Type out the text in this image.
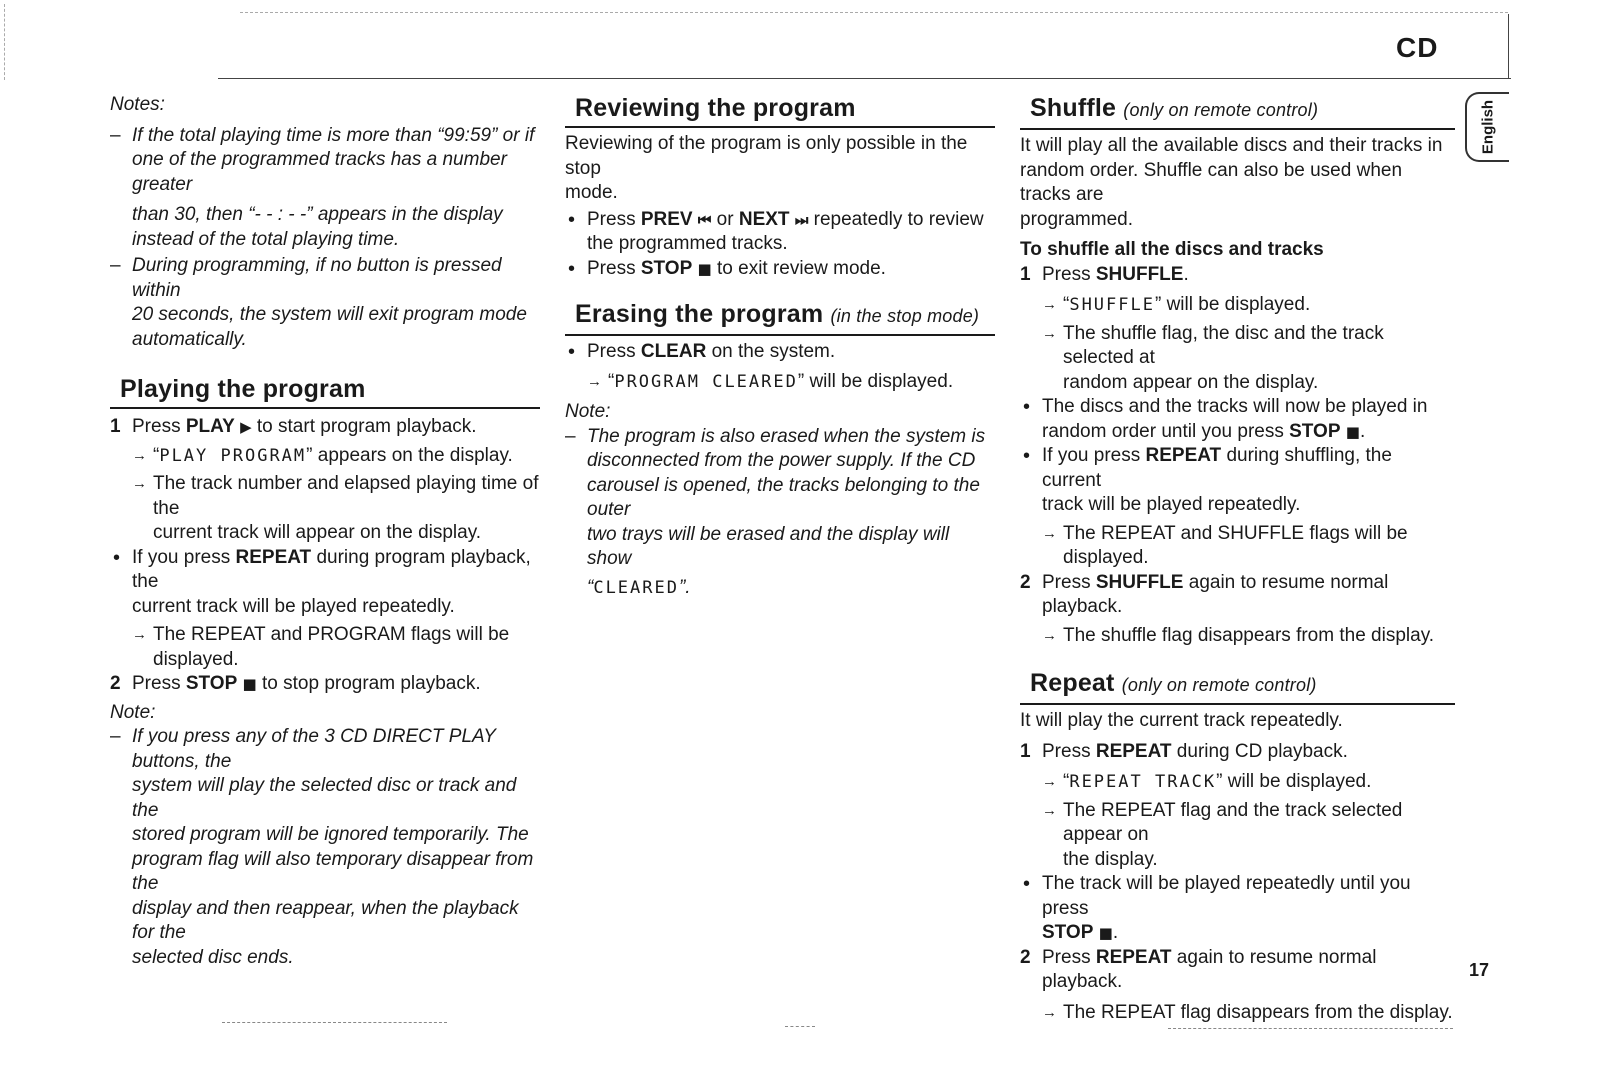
CD
English

Notes:

– If the total playing time is more than “99:59” or if

one of the programmed tracks has a number greater

than 30, then “- - : - -” appears in the display

instead of the total playing time.

– During programming, if no button is pressed within

20 seconds, the system will exit program mode

automatically.

Playing the program
1 Press PLAY ▶ to start program playback.
→ “PLAY PROGRAM” appears on the display.

→ The track number and elapsed playing time of the

current track will appear on the display.

• If you press REPEAT during program playback, the

current track will be played repeatedly.

→ The REPEAT and PROGRAM flags will be displayed.
2 Press STOP ■ to stop program playback.

Note:

– If you press any of the 3 CD DIRECT PLAY buttons, the

system will play the selected disc or track and the

stored program will be ignored temporarily. The

program flag will also temporary disappear from the

display and then reappear, when the playback for the

selected disc ends.

Reviewing the program

Reviewing of the program is only possible in the stop

mode.

• Press PREV ⏮ or NEXT ⏭ repeatedly to review

the programmed tracks.

• Press STOP ■ to exit review mode.
Erasing the program (in the stop mode)
• Press CLEAR on the system.
→ “PROGRAM CLEARED” will be displayed.

Note:

– The program is also erased when the system is

disconnected from the power supply. If the CD

carousel is opened, the tracks belonging to the outer

two trays will be erased and the display will show

“CLEARED”.

Shuffle (only on remote control)

It will play all the available discs and their tracks in

random order. Shuffle can also be used when tracks are

programmed.

To shuffle all the discs and tracks

1 Press SHUFFLE.
→ “SHUFFLE” will be displayed.

→ The shuffle flag, the disc and the track selected at

random appear on the display.

• The discs and the tracks will now be played in

random order until you press STOP ■.

• If you press REPEAT during shuffling, the current

track will be played repeatedly.

→ The REPEAT and SHUFFLE flags will be displayed.
2 Press SHUFFLE again to resume normal playback.
→ The shuffle flag disappears from the display.
Repeat (only on remote control)

It will play the current track repeatedly.

1 Press REPEAT during CD playback.
→ “REPEAT TRACK” will be displayed.

→ The REPEAT flag and the track selected appear on

the display.

• The track will be played repeatedly until you press

STOP ■.

2 Press REPEAT again to resume normal playback.
→ The REPEAT flag disappears from the display.
17
